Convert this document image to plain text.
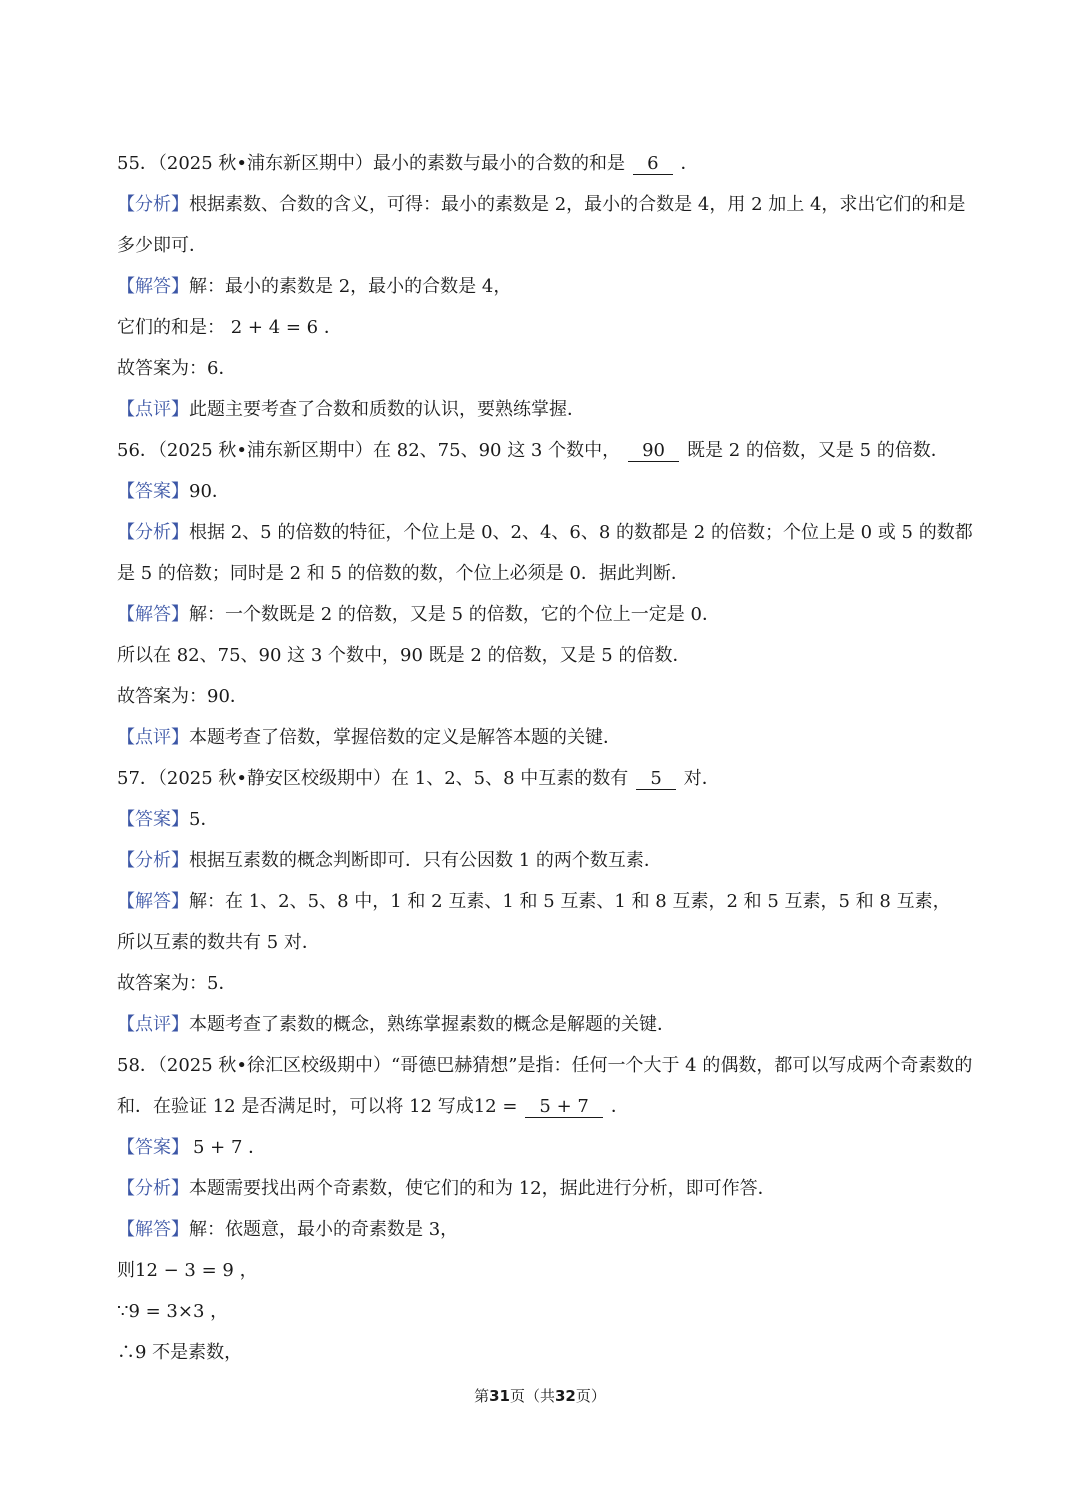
55．（2025 秋•浦东新区期中）最小的素数与最小的合数的和是 6 ．
【分析】根据素数、合数的含义，可得：最小的素数是 2，最小的合数是 4，用 2 加上 4，求出它们的和是
多少即可．
【解答】解：最小的素数是 2，最小的合数是 4，
它们的和是： 2 + 4 = 6 ．
故答案为：6．
【点评】此题主要考查了合数和质数的认识，要熟练掌握．
56．（2025 秋•浦东新区期中）在 82、75、90 这 3 个数中， 90 既是 2 的倍数，又是 5 的倍数．
【答案】90．
【分析】根据 2、5 的倍数的特征，个位上是 0、2、4、6、8 的数都是 2 的倍数；个位上是 0 或 5 的数都
是 5 的倍数；同时是 2 和 5 的倍数的数，个位上必须是 0．据此判断．
【解答】解：一个数既是 2 的倍数，又是 5 的倍数，它的个位上一定是 0．
所以在 82、75、90 这 3 个数中，90 既是 2 的倍数，又是 5 的倍数．
故答案为：90．
【点评】本题考查了倍数，掌握倍数的定义是解答本题的关键．
57．（2025 秋•静安区校级期中）在 1、2、5、8 中互素的数有 5 对．
【答案】5．
【分析】根据互素数的概念判断即可．只有公因数 1 的两个数互素．
【解答】解：在 1、2、5、8 中，1 和 2 互素、1 和 5 互素、1 和 8 互素，2 和 5 互素，5 和 8 互素，
所以互素的数共有 5 对．
故答案为：5．
【点评】本题考查了素数的概念，熟练掌握素数的概念是解题的关键．
58．（2025 秋•徐汇区校级期中）“哥德巴赫猜想”是指：任何一个大于 4 的偶数，都可以写成两个奇素数的
和．在验证 12 是否满足时，可以将 12 写成12 = 5 + 7 ．
【答案】 5 + 7 ．
【分析】本题需要找出两个奇素数，使它们的和为 12，据此进行分析，即可作答．
【解答】解：依题意，最小的奇素数是 3，
则12 − 3 = 9 ，
∵9 = 3×3 ，
∴9 不是素数，
第31页（共32页）
